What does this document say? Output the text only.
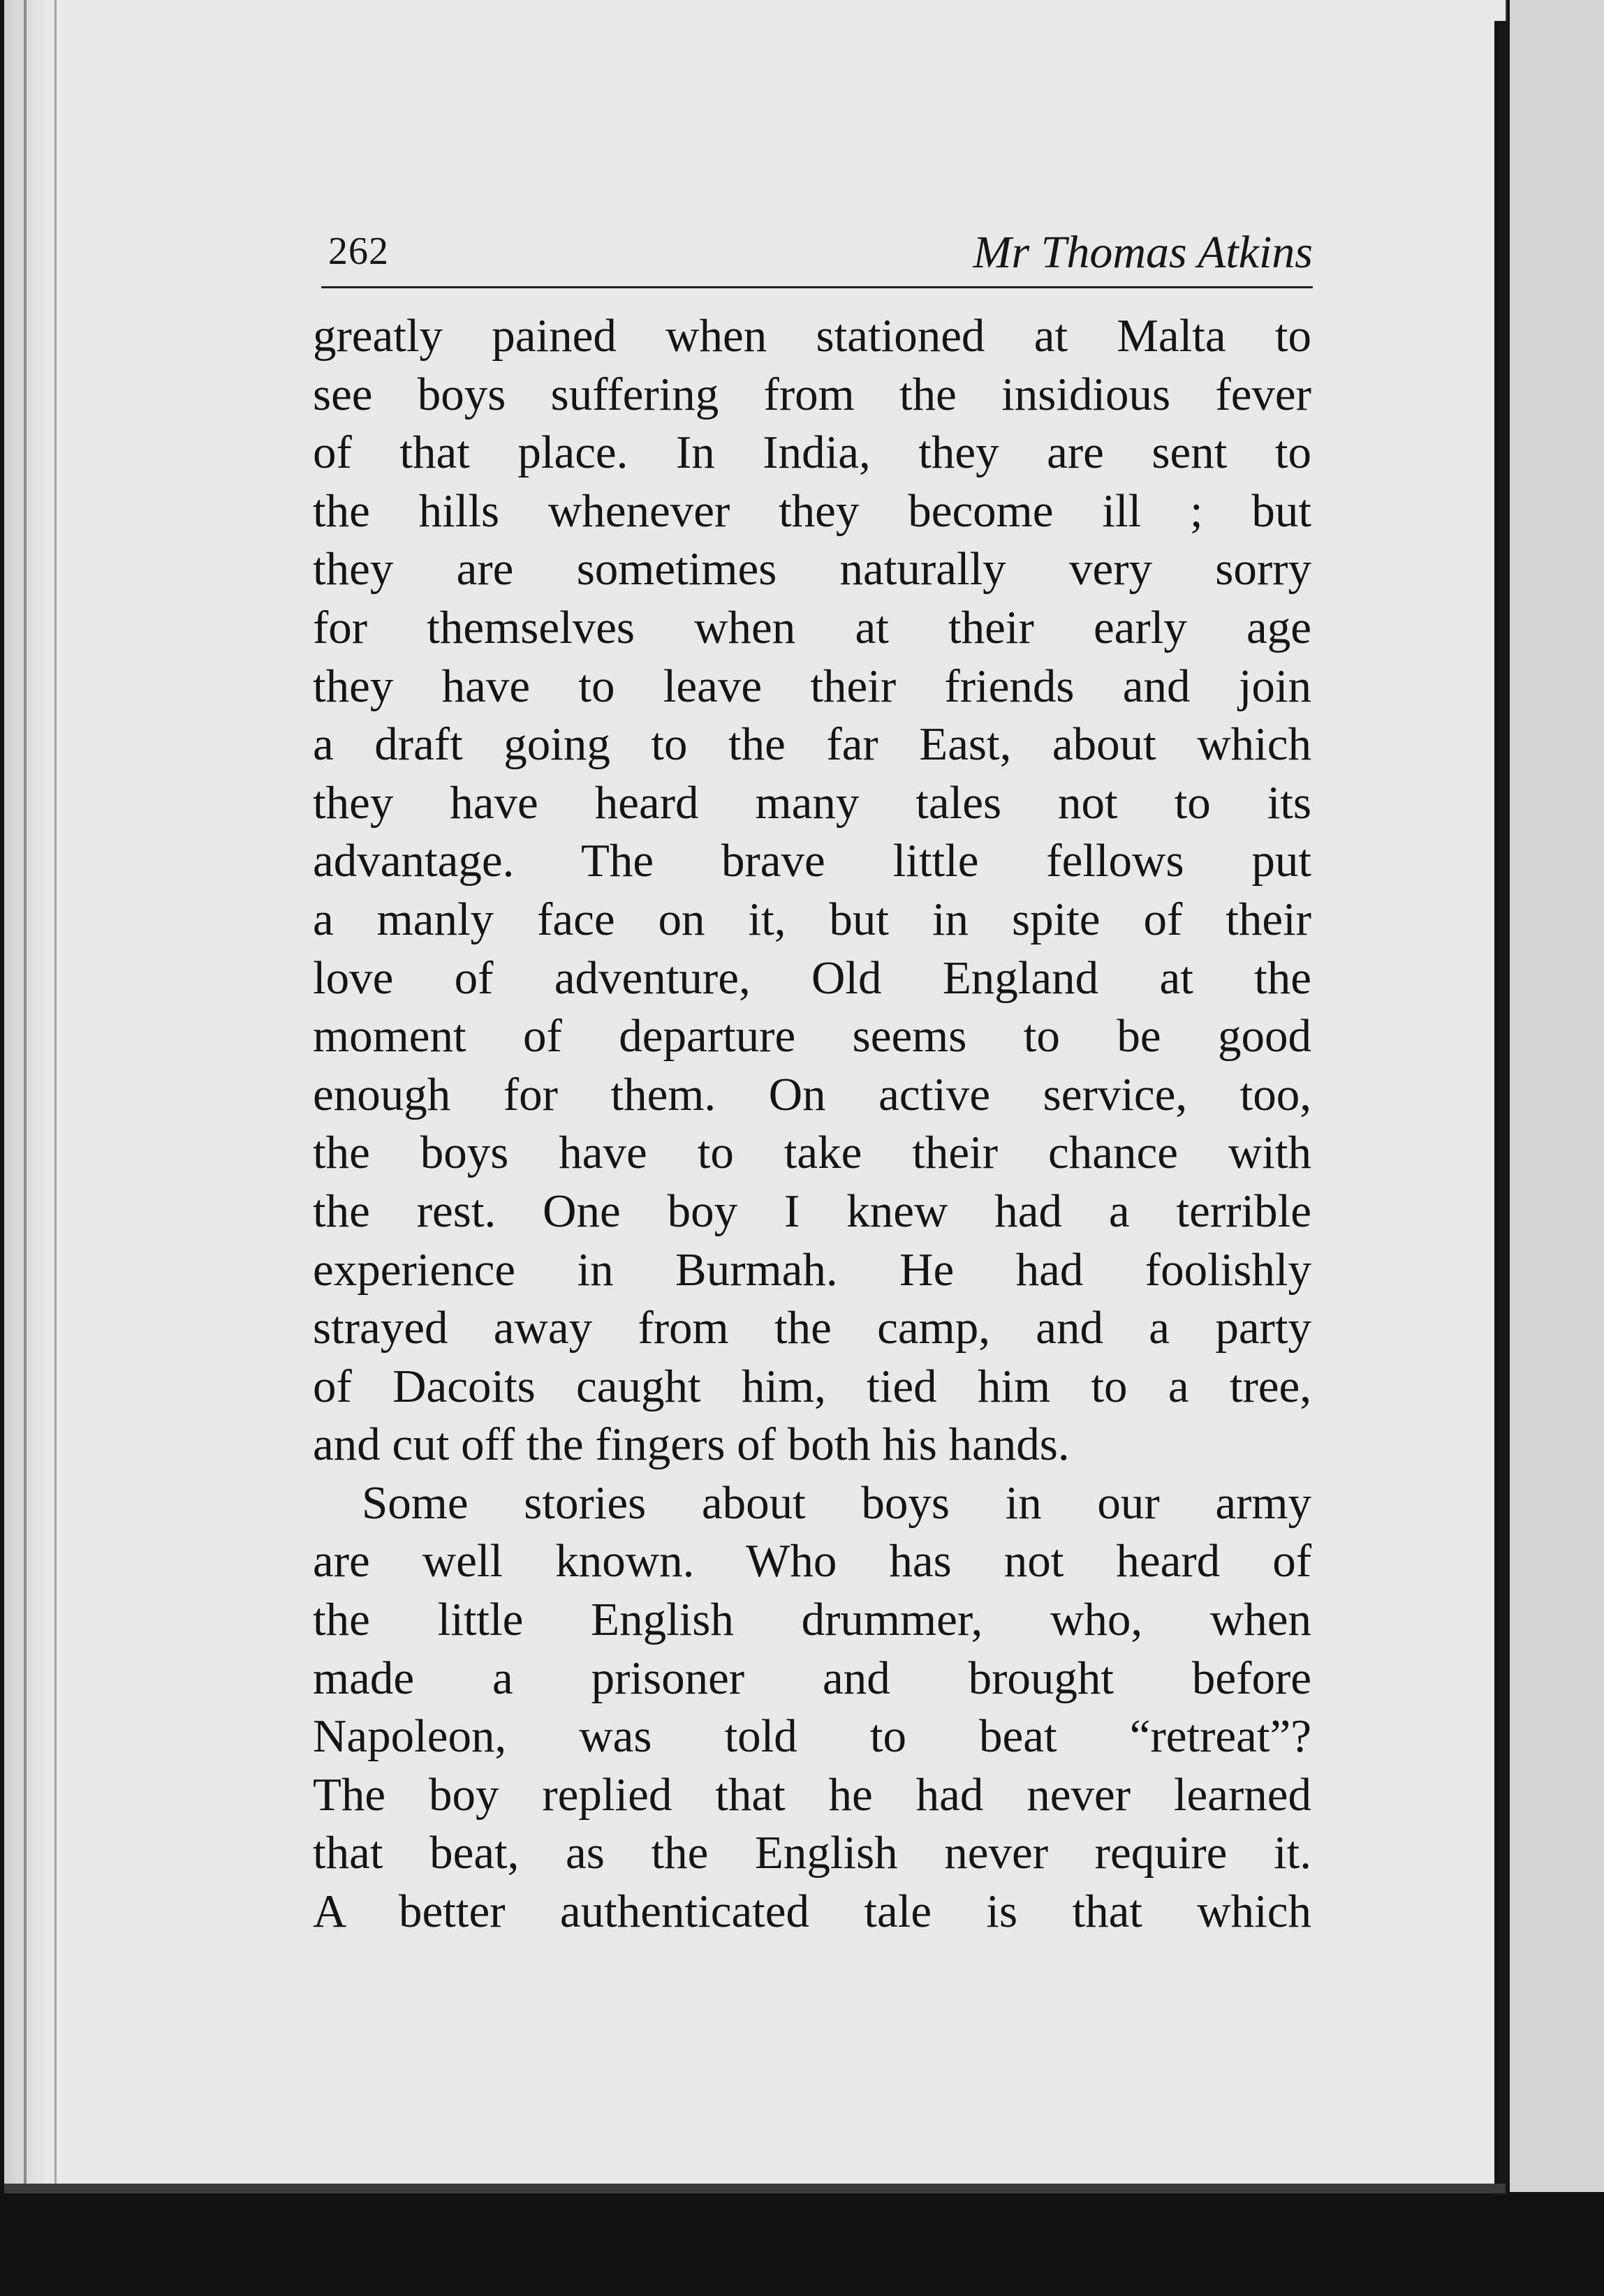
262	Mr Thomas Atkins
greatly pained when stationed at Malta to
see boys suffering from the insidious fever
of that place. In India, they are sent to
the hills whenever they become ill ; but
they are sometimes naturally very sorry
for themselves when at their early age
they have to leave their friends and join
a draft going to the far East, about which
they have heard many tales not to its
advantage. The brave little fellows put
a manly face on it, but in spite of their
love of adventure, Old England at the
moment of departure seems to be good
enough for them. On active service, too,
the boys have to take their chance with
the rest. One boy I knew had a terrible
experience in Burmah. He had foolishly
strayed away from the camp, and a party
of Dacoits caught him, tied him to a tree,
and cut off the fingers of both his hands.
Some stories about boys in our army
are well known. Who has not heard of
the little English drummer, who, when
made a prisoner and brought before
Napoleon, was told to beat “retreat”?
The boy replied that he had never learned
that beat, as the English never require it.
A better authenticated tale is that which
